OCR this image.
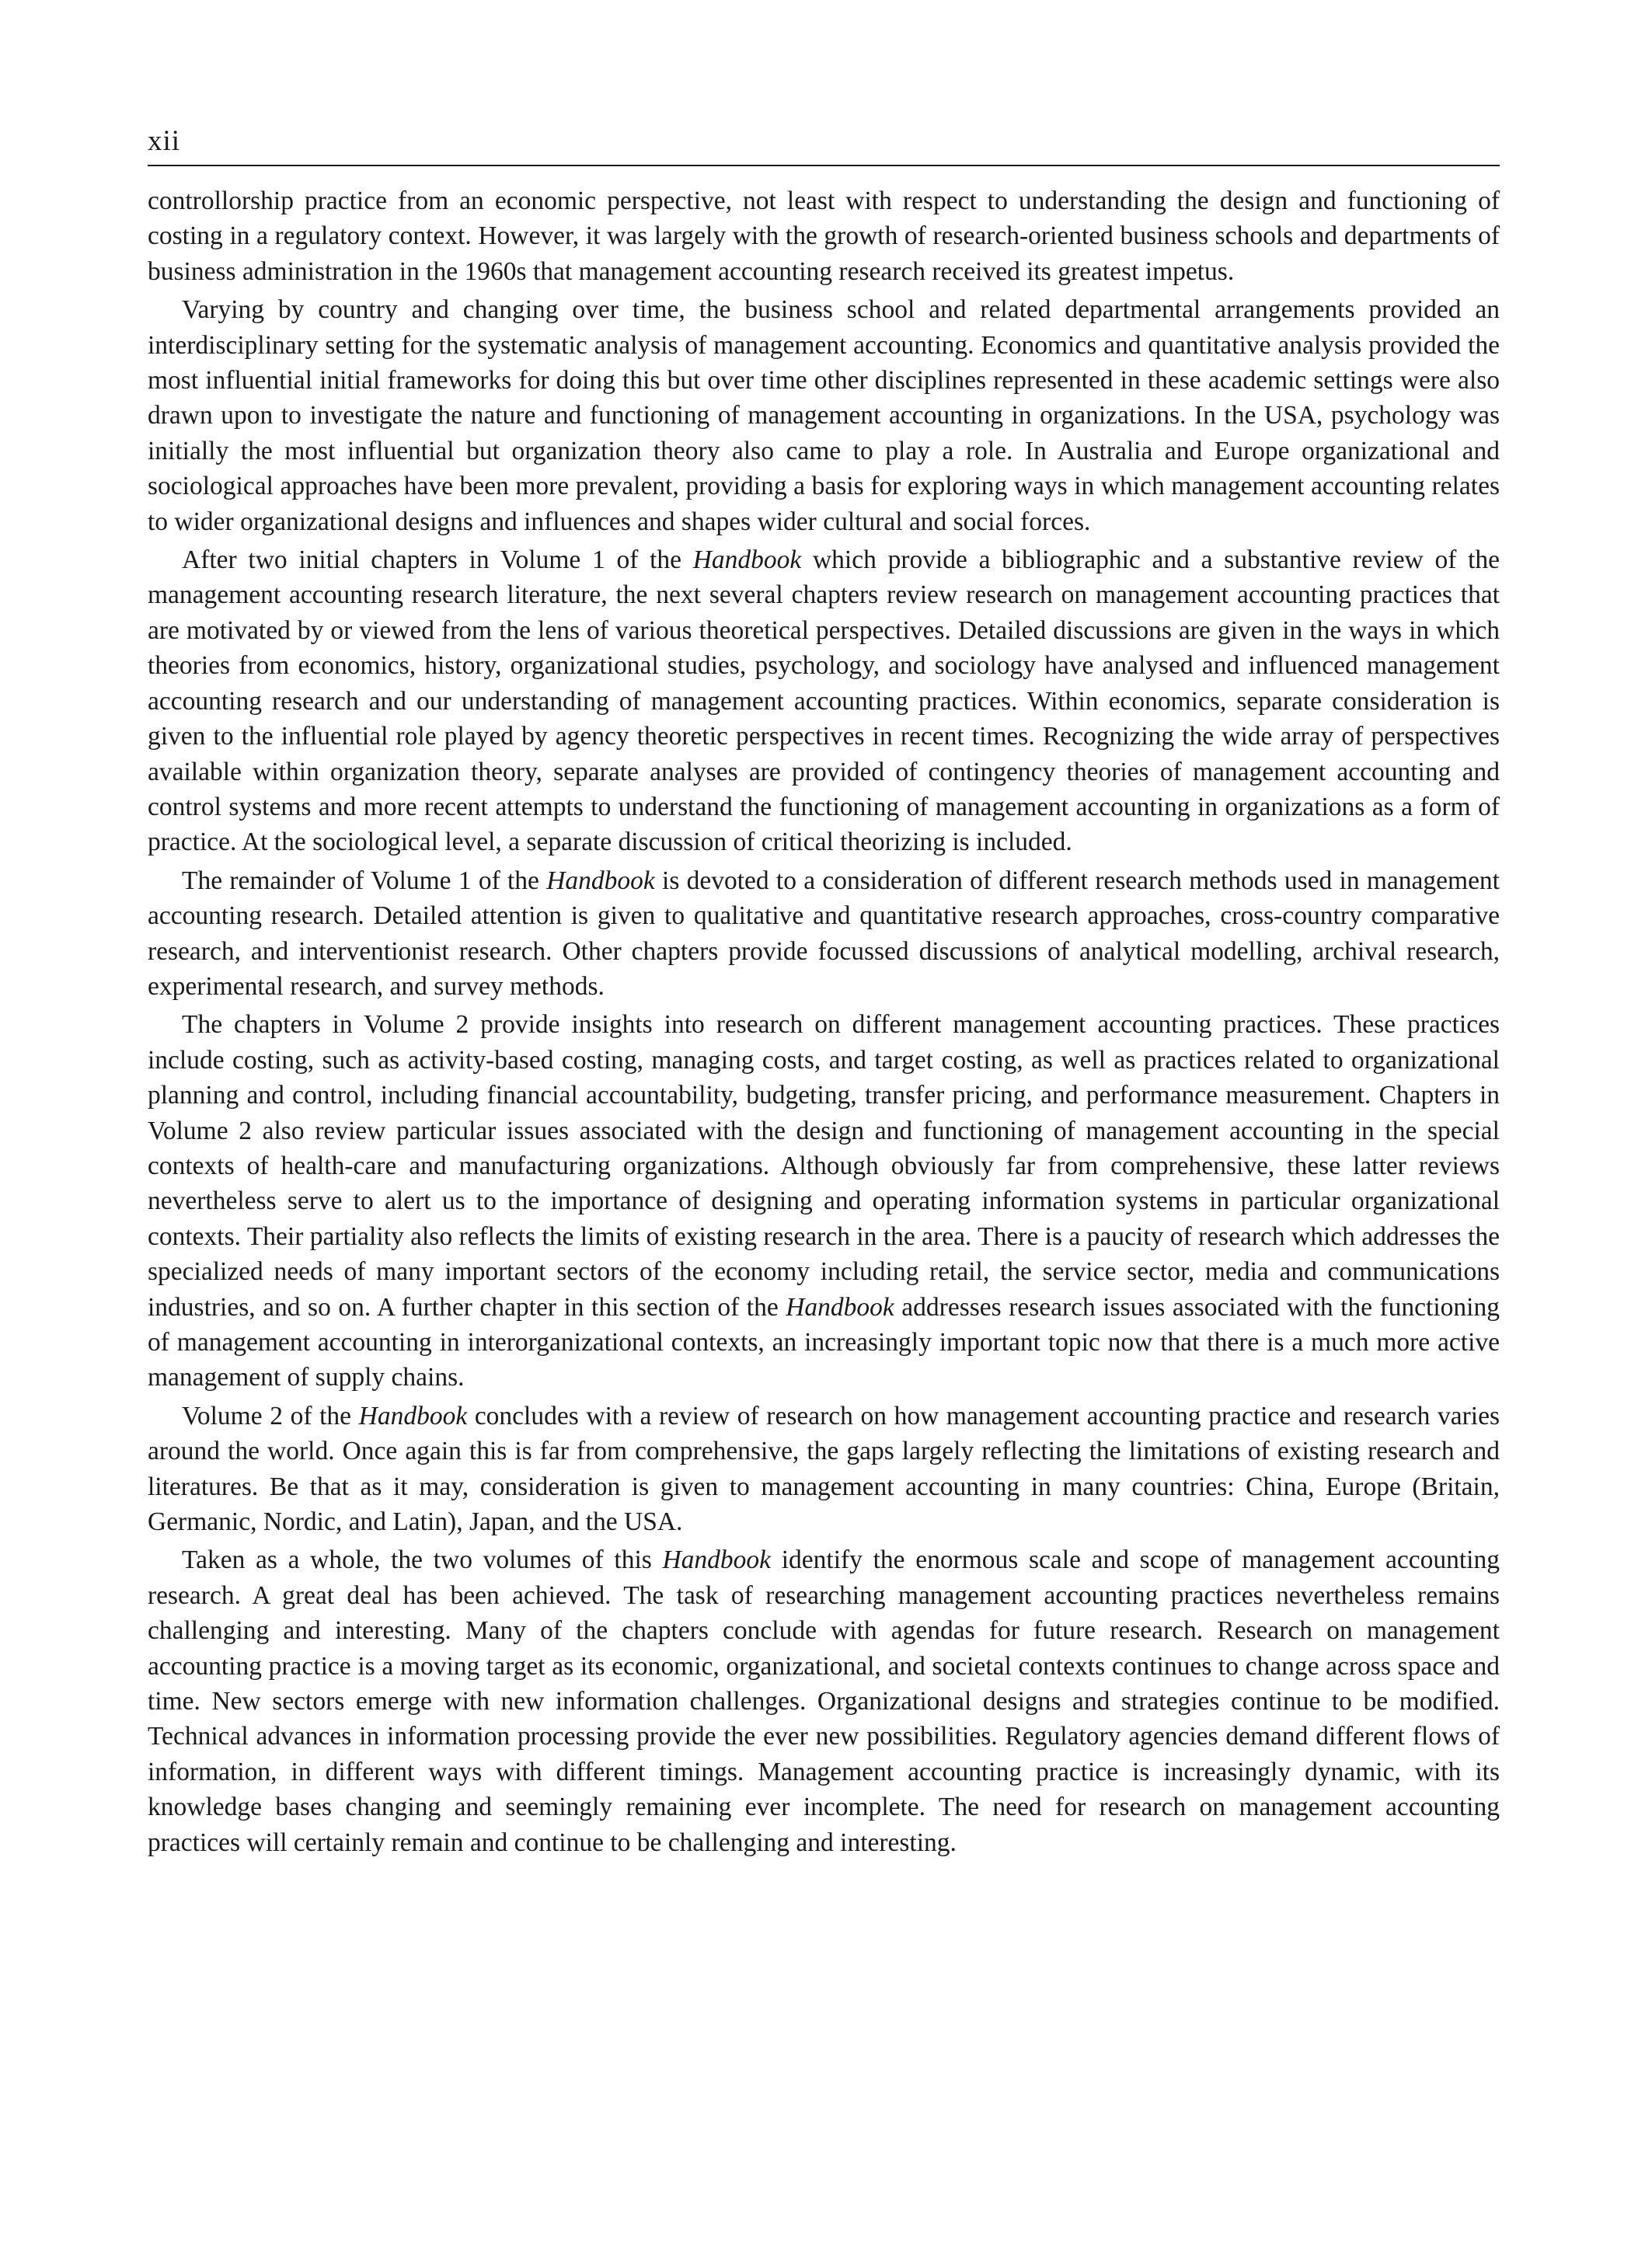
xii

controllorship practice from an economic perspective, not least with respect to understanding the design and functioning of costing in a regulatory context. However, it was largely with the growth of research-oriented business schools and departments of business administration in the 1960s that management accounting research received its greatest impetus.

Varying by country and changing over time, the business school and related departmental arrangements provided an interdisciplinary setting for the systematic analysis of management accounting. Economics and quantitative analysis provided the most influential initial frameworks for doing this but over time other disciplines represented in these academic settings were also drawn upon to investigate the nature and functioning of management accounting in organizations. In the USA, psychology was initially the most influential but organization theory also came to play a role. In Australia and Europe organizational and sociological approaches have been more prevalent, providing a basis for exploring ways in which management accounting relates to wider organizational designs and influences and shapes wider cultural and social forces.

After two initial chapters in Volume 1 of the Handbook which provide a bibliographic and a substantive review of the management accounting research literature, the next several chapters review research on management accounting practices that are motivated by or viewed from the lens of various theoretical perspectives. Detailed discussions are given in the ways in which theories from economics, history, organizational studies, psychology, and sociology have analysed and influenced management accounting research and our understanding of management accounting practices. Within economics, separate consideration is given to the influential role played by agency theoretic perspectives in recent times. Recognizing the wide array of perspectives available within organization theory, separate analyses are provided of contingency theories of management accounting and control systems and more recent attempts to understand the functioning of management accounting in organizations as a form of practice. At the sociological level, a separate discussion of critical theorizing is included.

The remainder of Volume 1 of the Handbook is devoted to a consideration of different research methods used in management accounting research. Detailed attention is given to qualitative and quantitative research approaches, cross-country comparative research, and interventionist research. Other chapters provide focussed discussions of analytical modelling, archival research, experimental research, and survey methods.

The chapters in Volume 2 provide insights into research on different management accounting practices. These practices include costing, such as activity-based costing, managing costs, and target costing, as well as practices related to organizational planning and control, including financial accountability, budgeting, transfer pricing, and performance measurement. Chapters in Volume 2 also review particular issues associated with the design and functioning of management accounting in the special contexts of health-care and manufacturing organizations. Although obviously far from comprehensive, these latter reviews nevertheless serve to alert us to the importance of designing and operating information systems in particular organizational contexts. Their partiality also reflects the limits of existing research in the area. There is a paucity of research which addresses the specialized needs of many important sectors of the economy including retail, the service sector, media and communications industries, and so on. A further chapter in this section of the Handbook addresses research issues associated with the functioning of management accounting in interorganizational contexts, an increasingly important topic now that there is a much more active management of supply chains.

Volume 2 of the Handbook concludes with a review of research on how management accounting practice and research varies around the world. Once again this is far from comprehensive, the gaps largely reflecting the limitations of existing research and literatures. Be that as it may, consideration is given to management accounting in many countries: China, Europe (Britain, Germanic, Nordic, and Latin), Japan, and the USA.

Taken as a whole, the two volumes of this Handbook identify the enormous scale and scope of management accounting research. A great deal has been achieved. The task of researching management accounting practices nevertheless remains challenging and interesting. Many of the chapters conclude with agendas for future research. Research on management accounting practice is a moving target as its economic, organizational, and societal contexts continues to change across space and time. New sectors emerge with new information challenges. Organizational designs and strategies continue to be modified. Technical advances in information processing provide the ever new possibilities. Regulatory agencies demand different flows of information, in different ways with different timings. Management accounting practice is increasingly dynamic, with its knowledge bases changing and seemingly remaining ever incomplete. The need for research on management accounting practices will certainly remain and continue to be challenging and interesting.
